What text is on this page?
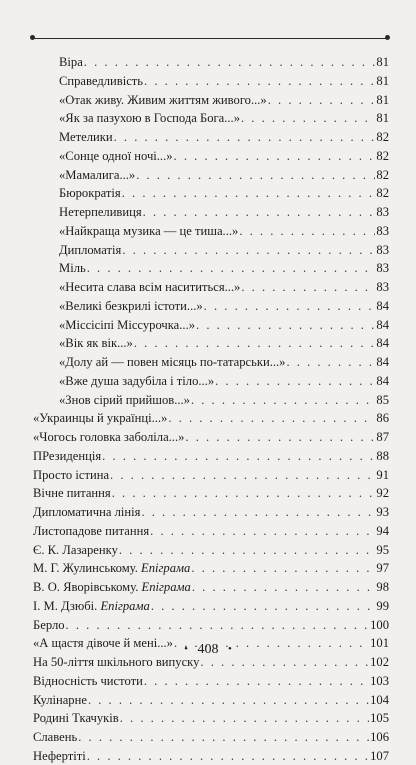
Віра . . .	81
Справедливість . . .	81
«Отак живу. Живим життям живого...» . . .	81
«Як за пазухою в Господа Бога...» . . .	81
Метелики . . .	82
«Сонце одної ночі...» . . .	82
«Мамалига...» . . .	82
Бюрократія . . .	82
Нетерпеливиця . . .	83
«Найкраща музика — це тиша...» . . .	83
Дипломатія . . .	83
Міль . . .	83
«Несита слава всім насититься...» . . .	83
«Великі безкрилі істоти...» . . .	84
«Міссісіпі Міссурочка...» . . .	84
«Вік як вік...» . . .	84
«Долу ай — повен місяць по-татарськи...» . . .	84
«Вже душа задубіла і тіло...» . . .	84
«Знов сірий прийшов...» . . .	85
«Украинцы й українці...» . . .	86
«Чогось головка заболіла...» . . .	87
ПРезиденція . . .	88
Просто істина . . .	91
Вічне питання . . .	92
Дипломатична лінія . . .	93
Листопадове питання . . .	94
Є. К. Лазаренку . . .	95
М. Г. Жулинському. Епіграма . . .	97
В. О. Яворівському. Епіграма . . .	98
І. М. Дзюбі. Епіграма . . .	99
Берло . . .	100
«А щастя дівоче й мені...» . . .	101
На 50-ліття шкільного випуску . . .	102
Відносність чистоти . . .	103
Кулінарне . . .	104
Родині Ткачуків . . .	105
Славень . . .	106
Нефертіті . . .	107
• 408 •
